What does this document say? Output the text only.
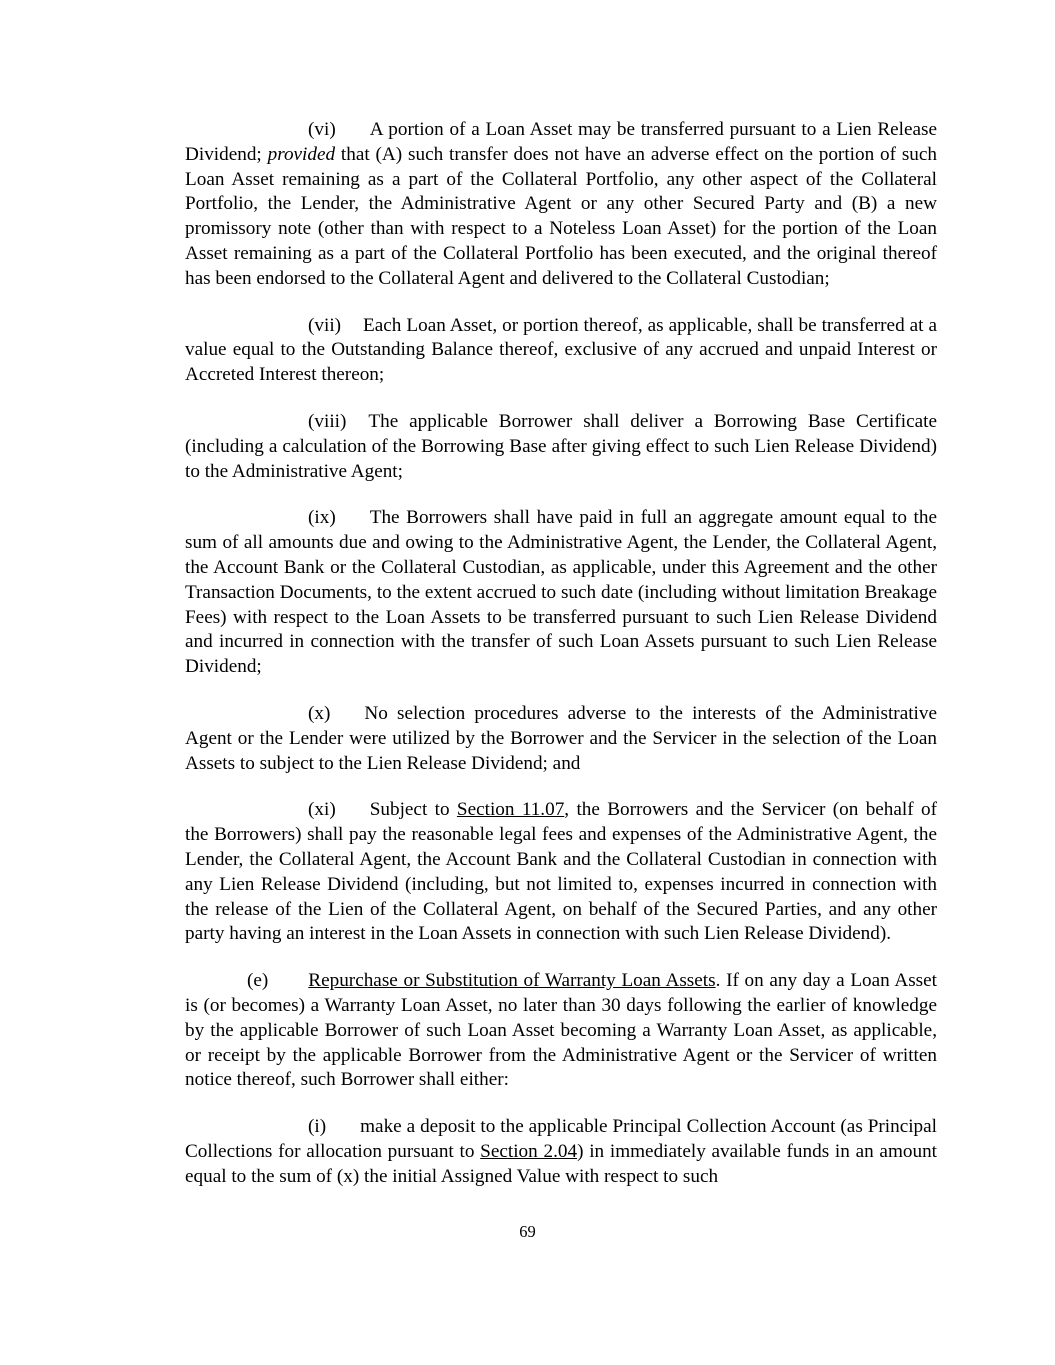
(vi) A portion of a Loan Asset may be transferred pursuant to a Lien Release Dividend; provided that (A) such transfer does not have an adverse effect on the portion of such Loan Asset remaining as a part of the Collateral Portfolio, any other aspect of the Collateral Portfolio, the Lender, the Administrative Agent or any other Secured Party and (B) a new promissory note (other than with respect to a Noteless Loan Asset) for the portion of the Loan Asset remaining as a part of the Collateral Portfolio has been executed, and the original thereof has been endorsed to the Collateral Agent and delivered to the Collateral Custodian;

(vii) Each Loan Asset, or portion thereof, as applicable, shall be transferred at a value equal to the Outstanding Balance thereof, exclusive of any accrued and unpaid Interest or Accreted Interest thereon;

(viii) The applicable Borrower shall deliver a Borrowing Base Certificate (including a calculation of the Borrowing Base after giving effect to such Lien Release Dividend) to the Administrative Agent;

(ix) The Borrowers shall have paid in full an aggregate amount equal to the sum of all amounts due and owing to the Administrative Agent, the Lender, the Collateral Agent, the Account Bank or the Collateral Custodian, as applicable, under this Agreement and the other Transaction Documents, to the extent accrued to such date (including without limitation Breakage Fees) with respect to the Loan Assets to be transferred pursuant to such Lien Release Dividend and incurred in connection with the transfer of such Loan Assets pursuant to such Lien Release Dividend;

(x) No selection procedures adverse to the interests of the Administrative Agent or the Lender were utilized by the Borrower and the Servicer in the selection of the Loan Assets to subject to the Lien Release Dividend; and

(xi) Subject to Section 11.07, the Borrowers and the Servicer (on behalf of the Borrowers) shall pay the reasonable legal fees and expenses of the Administrative Agent, the Lender, the Collateral Agent, the Account Bank and the Collateral Custodian in connection with any Lien Release Dividend (including, but not limited to, expenses incurred in connection with the release of the Lien of the Collateral Agent, on behalf of the Secured Parties, and any other party having an interest in the Loan Assets in connection with such Lien Release Dividend).

(e) Repurchase or Substitution of Warranty Loan Assets. If on any day a Loan Asset is (or becomes) a Warranty Loan Asset, no later than 30 days following the earlier of knowledge by the applicable Borrower of such Loan Asset becoming a Warranty Loan Asset, as applicable, or receipt by the applicable Borrower from the Administrative Agent or the Servicer of written notice thereof, such Borrower shall either:

(i) make a deposit to the applicable Principal Collection Account (as Principal Collections for allocation pursuant to Section 2.04) in immediately available funds in an amount equal to the sum of (x) the initial Assigned Value with respect to such

69
